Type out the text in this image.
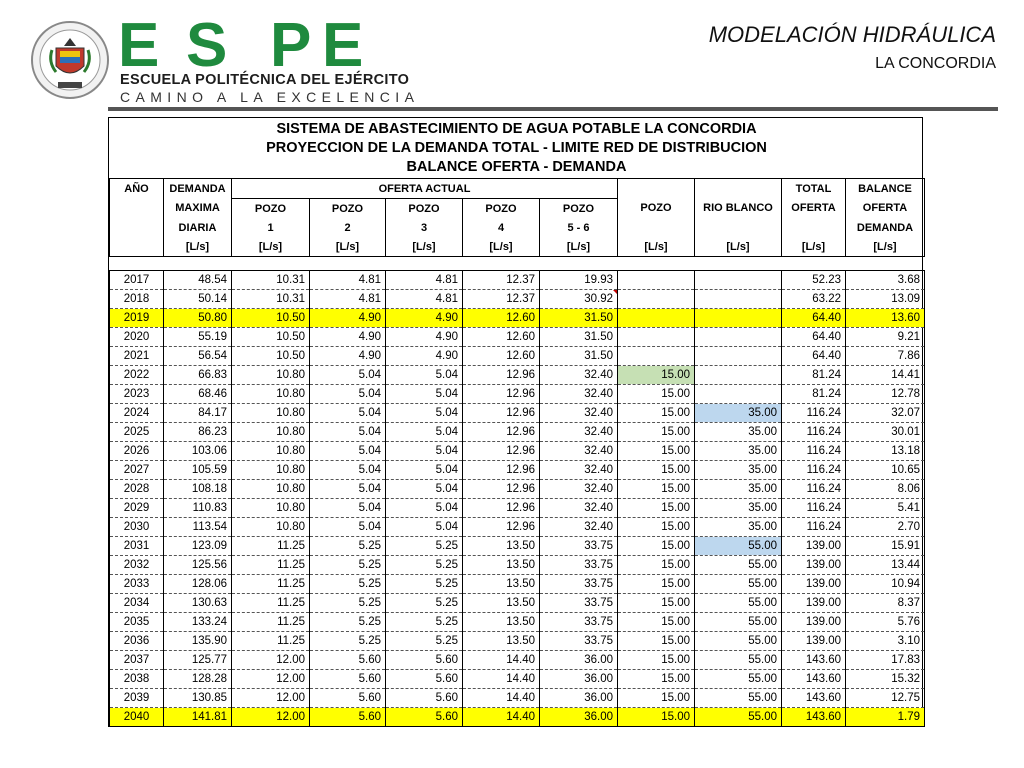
E S P E
ESCUELA POLITÉCNICA DEL EJÉRCITO
CAMINO A LA EXCELENCIA
MODELACIÓN HIDRÁULICA
LA CONCORDIA
SISTEMA DE ABASTECIMIENTO DE AGUA POTABLE LA CONCORDIA
PROYECCION DE LA DEMANDA TOTAL - LIMITE RED DE DISTRIBUCION
BALANCE OFERTA - DEMANDA
AÑO	DEMANDA	OFERTA ACTUAL							TOTAL	BALANCE
	MAXIMA	POZO	POZO	POZO	POZO	POZO	POZO	RIO BLANCO	OFERTA	OFERTA
	DIARIA	1	2	3	4	5 - 6				DEMANDA
	[L/s]	[L/s]	[L/s]	[L/s]	[L/s]	[L/s]	[L/s]	[L/s]	[L/s]	[L/s]

2017	48.54	10.31	4.81	4.81	12.37	19.93			52.23	3.68
2018	50.14	10.31	4.81	4.81	12.37	30.92			63.22	13.09
2019	50.80	10.50	4.90	4.90	12.60	31.50			64.40	13.60
2020	55.19	10.50	4.90	4.90	12.60	31.50			64.40	9.21
2021	56.54	10.50	4.90	4.90	12.60	31.50			64.40	7.86
2022	66.83	10.80	5.04	5.04	12.96	32.40	15.00		81.24	14.41
2023	68.46	10.80	5.04	5.04	12.96	32.40	15.00		81.24	12.78
2024	84.17	10.80	5.04	5.04	12.96	32.40	15.00	35.00	116.24	32.07
2025	86.23	10.80	5.04	5.04	12.96	32.40	15.00	35.00	116.24	30.01
2026	103.06	10.80	5.04	5.04	12.96	32.40	15.00	35.00	116.24	13.18
2027	105.59	10.80	5.04	5.04	12.96	32.40	15.00	35.00	116.24	10.65
2028	108.18	10.80	5.04	5.04	12.96	32.40	15.00	35.00	116.24	8.06
2029	110.83	10.80	5.04	5.04	12.96	32.40	15.00	35.00	116.24	5.41
2030	113.54	10.80	5.04	5.04	12.96	32.40	15.00	35.00	116.24	2.70
2031	123.09	11.25	5.25	5.25	13.50	33.75	15.00	55.00	139.00	15.91
2032	125.56	11.25	5.25	5.25	13.50	33.75	15.00	55.00	139.00	13.44
2033	128.06	11.25	5.25	5.25	13.50	33.75	15.00	55.00	139.00	10.94
2034	130.63	11.25	5.25	5.25	13.50	33.75	15.00	55.00	139.00	8.37
2035	133.24	11.25	5.25	5.25	13.50	33.75	15.00	55.00	139.00	5.76
2036	135.90	11.25	5.25	5.25	13.50	33.75	15.00	55.00	139.00	3.10
2037	125.77	12.00	5.60	5.60	14.40	36.00	15.00	55.00	143.60	17.83
2038	128.28	12.00	5.60	5.60	14.40	36.00	15.00	55.00	143.60	15.32
2039	130.85	12.00	5.60	5.60	14.40	36.00	15.00	55.00	143.60	12.75
2040	141.81	12.00	5.60	5.60	14.40	36.00	15.00	55.00	143.60	1.79
